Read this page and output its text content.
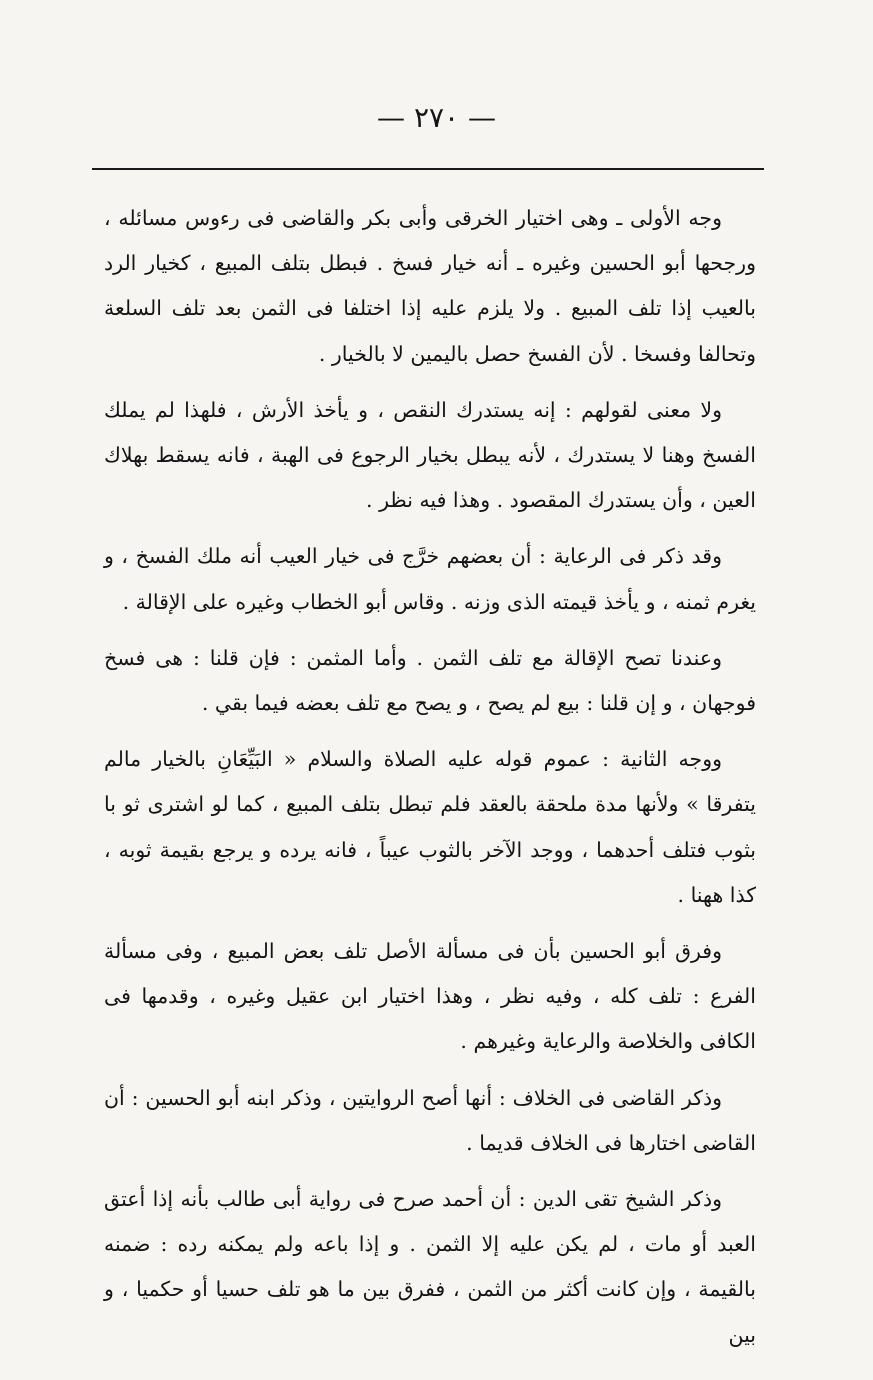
— ٢٧٠ —

وجه الأولى ـ وهى اختيار الخرقى وأبى بكر والقاضى فى رءوس مسائله ، ورجحها أبو الحسين وغيره ـ أنه خيار فسخ . فبطل بتلف المبيع ، كخيار الرد بالعيب إذا تلف المبيع . ولا يلزم عليه إذا اختلفا فى الثمن بعد تلف السلعة وتحالفا وفسخا . لأن الفسخ حصل باليمين لا بالخيار .

ولا معنى لقولهم : إنه يستدرك النقص ، و يأخذ الأرش ، فلهذا لم يملك الفسخ وهنا لا يستدرك ، لأنه يبطل بخيار الرجوع فى الهبة ، فانه يسقط بهلاك العين ، وأن يستدرك المقصود . وهذا فيه نظر .

وقد ذكر فى الرعاية : أن بعضهم خرَّج فى خيار العيب أنه ملك الفسخ ، و يغرم ثمنه ، و يأخذ قيمته الذى وزنه . وقاس أبو الخطاب وغيره على الإقالة .

وعندنا تصح الإقالة مع تلف الثمن . وأما المثمن : فإن قلنا : هى فسخ فوجهان ، و إن قلنا : بيع لم يصح ، و يصح مع تلف بعضه فيما بقي .

ووجه الثانية : عموم قوله عليه الصلاة والسلام « البَيِّعَانِ بالخيار مالم يتفرقا » ولأنها مدة ملحقة بالعقد فلم تبطل بتلف المبيع ، كما لو اشترى ثو با بثوب فتلف أحدهما ، ووجد الآخر بالثوب عيباً ، فانه يرده و يرجع بقيمة ثوبه ، كذا ههنا .

وفرق أبو الحسين بأن فى مسألة الأصل تلف بعض المبيع ، وفى مسألة الفرع : تلف كله ، وفيه نظر ، وهذا اختيار ابن عقيل وغيره ، وقدمها فى الكافى والخلاصة والرعاية وغيرهم .

وذكر القاضى فى الخلاف : أنها أصح الروايتين ، وذكر ابنه أبو الحسين : أن القاضى اختارها فى الخلاف قديما .

وذكر الشيخ تقى الدين : أن أحمد صرح فى رواية أبى طالب بأنه إذا أعتق العبد أو مات ، لم يكن عليه إلا الثمن . و إذا باعه ولم يمكنه رده : ضمنه بالقيمة ، وإن كانت أكثر من الثمن ، ففرق بين ما هو تلف حسيا أو حكميا ، و بين
